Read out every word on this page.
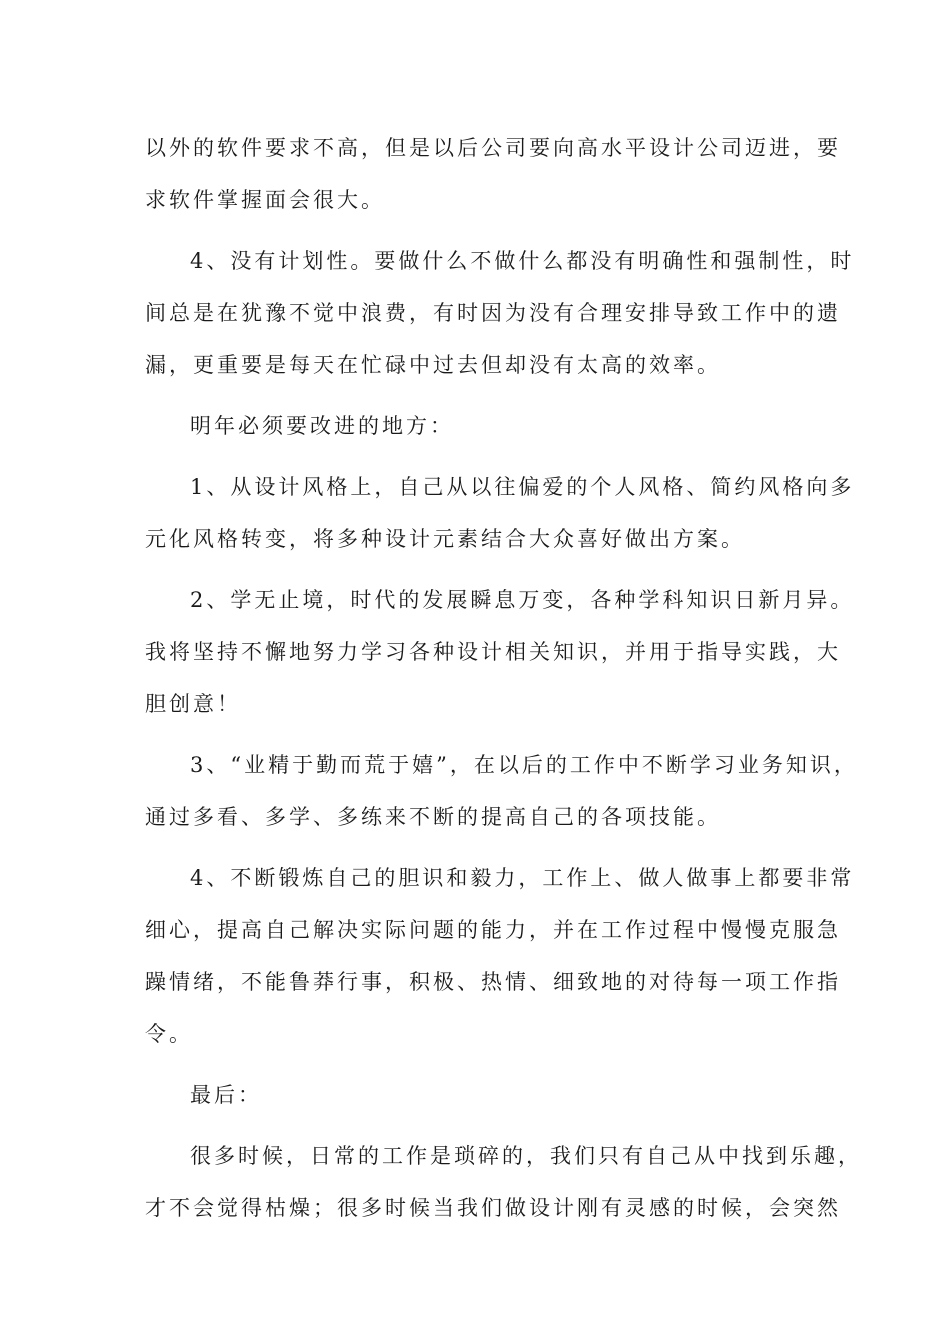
以外的软件要求不高，但是以后公司要向高水平设计公司迈进，要
求软件掌握面会很大。

4、没有计划性。要做什么不做什么都没有明确性和强制性，时
间总是在犹豫不觉中浪费，有时因为没有合理安排导致工作中的遗
漏，更重要是每天在忙碌中过去但却没有太高的效率。

明年必须要改进的地方：

1、从设计风格上，自己从以往偏爱的个人风格、简约风格向多
元化风格转变，将多种设计元素结合大众喜好做出方案。

2、学无止境，时代的发展瞬息万变，各种学科知识日新月异。
我将坚持不懈地努力学习各种设计相关知识，并用于指导实践，大
胆创意！

3、“业精于勤而荒于嬉”，在以后的工作中不断学习业务知识，
通过多看、多学、多练来不断的提高自己的各项技能。

4、不断锻炼自己的胆识和毅力，工作上、做人做事上都要非常
细心，提高自己解决实际问题的能力，并在工作过程中慢慢克服急
躁情绪，不能鲁莽行事，积极、热情、细致地的对待每一项工作指
令。

最后：

很多时候，日常的工作是琐碎的，我们只有自己从中找到乐趣，
才不会觉得枯燥；很多时候当我们做设计刚有灵感的时候，会突然
